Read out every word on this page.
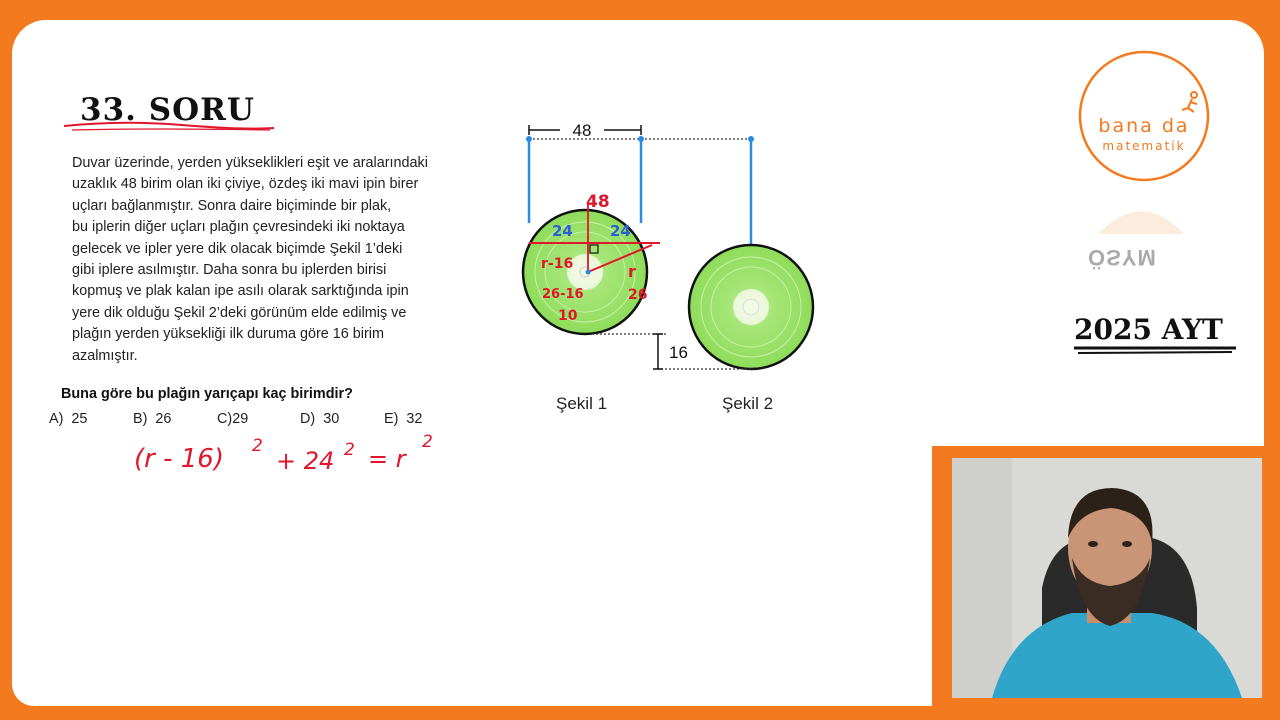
33. SORU
Duvar üzerinde, yerden yükseklikleri eşit ve aralarındaki
uzaklık 48 birim olan iki çiviye, özdeş iki mavi ipin birer
uçları bağlanmıştır. Sonra daire biçiminde bir plak,
bu iplerin diğer uçları plağın çevresindeki iki noktaya
gelecek ve ipler yere dik olacak biçimde Şekil 1’deki
gibi iplere asılmıştır. Daha sonra bu iplerden birisi
kopmuş ve plak kalan ipe asılı olarak sarktığında ipin
yere dik olduğu Şekil 2’deki görünüm elde edilmiş ve
plağın yerden yüksekliği ilk duruma göre 16 birim
azalmıştır.
Buna göre bu plağın yarıçapı kaç birimdir?
A) 25	B) 26	C)29	D) 30	E) 32
48
16
48
24 24
r-16	r
26
26-16
10
Şekil 1	Şekil 2
(r - 16) 2
+ 24 2 = r
2
bana da
matematik
ÖSYM
2025 AYT
